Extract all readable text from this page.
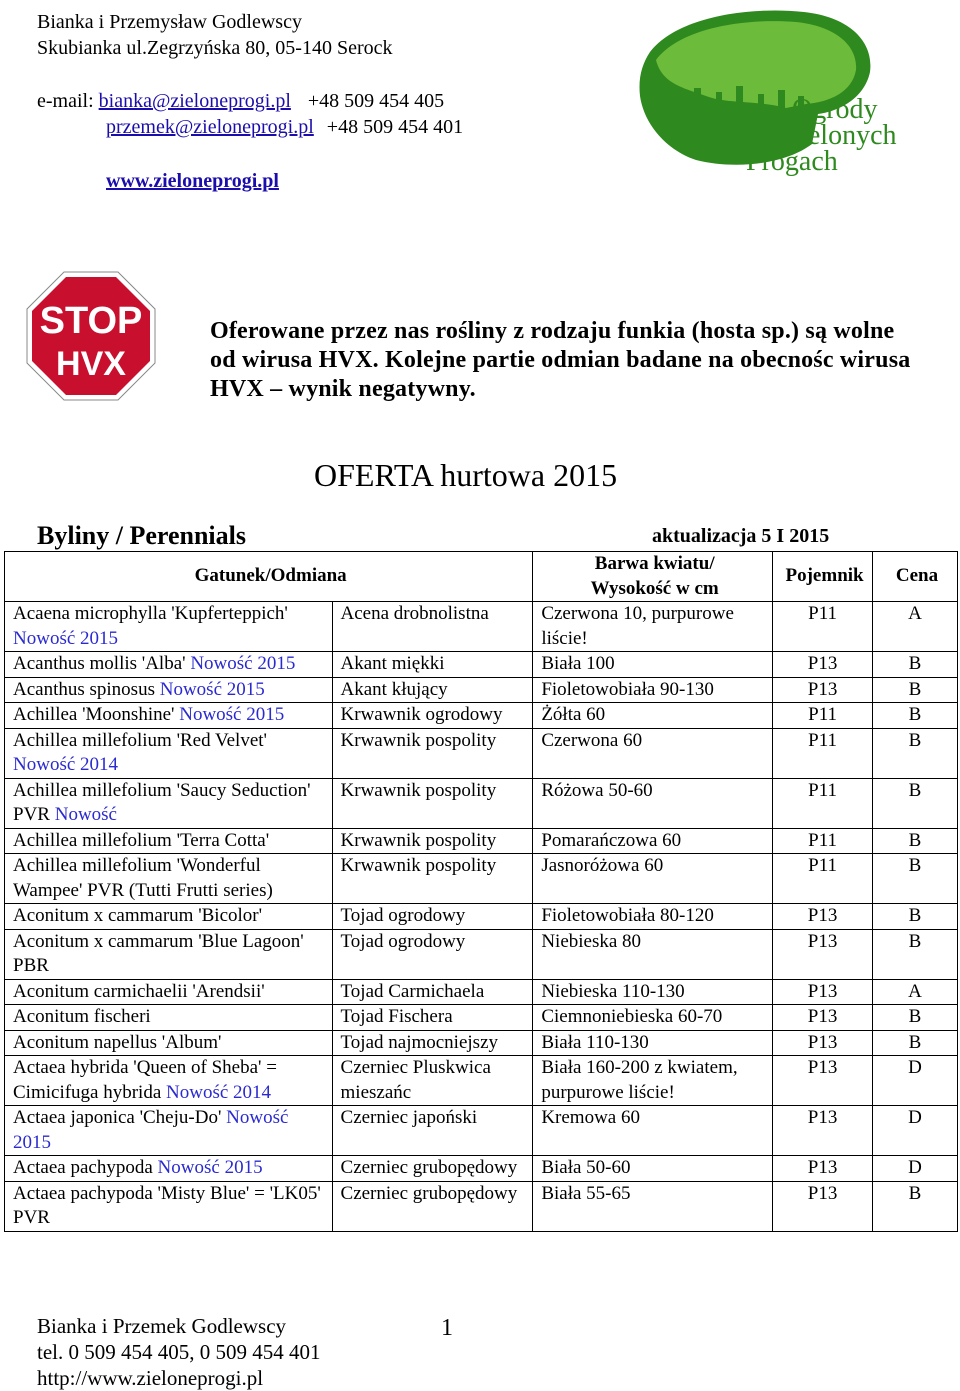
Bianka i Przemysław Godlewscy
Skubianka ul.Zegrzyńska 80, 05-140 Serock
e-mail: bianka@zieloneprogi.pl +48 509 454 405
przemek@zieloneprogi.pl +48 509 454 401
www.zieloneprogi.pl
Ogrody
o Zielonych
Progach
STOP
HVX
Oferowane przez nas rośliny z rodzaju funkia (hosta sp.) są wolne
od wirusa HVX. Kolejne partie odmian badane na obecnośc wirusa
HVX – wynik negatywny.
OFERTA hurtowa 2015
Byliny / Perennials	aktualizacja 5 I 2015
Gatunek/Odmiana		Barwa kwiatu/
Wysokość w cm	Pojemnik	Cena
Acaena microphylla 'Kupferteppich' Nowość 2015	Acena drobnolistna	Czerwona 10, purpurowe liście!	P11	A
Acanthus mollis 'Alba' Nowość 2015	Akant miękki	Biała 100	P13	B
Acanthus spinosus Nowość 2015	Akant kłujący	Fioletowobiała 90-130	P13	B
Achillea 'Moonshine' Nowość 2015	Krwawnik ogrodowy	Żółta 60	P11	B
Achillea millefolium 'Red Velvet' Nowość 2014	Krwawnik pospolity	Czerwona 60	P11	B
Achillea millefolium 'Saucy Seduction' PVR Nowość	Krwawnik pospolity	Różowa 50-60	P11	B
Achillea millefolium 'Terra Cotta'	Krwawnik pospolity	Pomarańczowa 60	P11	B
Achillea millefolium 'Wonderful Wampee' PVR (Tutti Frutti series)	Krwawnik pospolity	Jasnoróżowa 60	P11	B
Aconitum x cammarum 'Bicolor'	Tojad ogrodowy	Fioletowobiała 80-120	P13	B
Aconitum x cammarum 'Blue Lagoon' PBR	Tojad ogrodowy	Niebieska 80	P13	B
Aconitum carmichaelii 'Arendsii'	Tojad Carmichaela	Niebieska 110-130	P13	A
Aconitum fischeri	Tojad Fischera	Ciemnoniebieska 60-70	P13	B
Aconitum napellus 'Album'	Tojad najmocniejszy	Biała 110-130	P13	B
Actaea hybrida 'Queen of Sheba' = Cimicifuga hybrida Nowość 2014	Czerniec Pluskwica mieszańc	Biała 160-200 z kwiatem, purpurowe liście!	P13	D
Actaea japonica 'Cheju-Do' Nowość 2015	Czerniec japoński	Kremowa 60	P13	D
Actaea pachypoda Nowość 2015	Czerniec grubopędowy	Biała 50-60	P13	D
Actaea pachypoda 'Misty Blue' = 'LK05' PVR	Czerniec grubopędowy	Biała 55-65	P13	B
Bianka i Przemek Godlewscy
tel. 0 509 454 405, 0 509 454 401
http://www.zieloneprogi.pl
1
